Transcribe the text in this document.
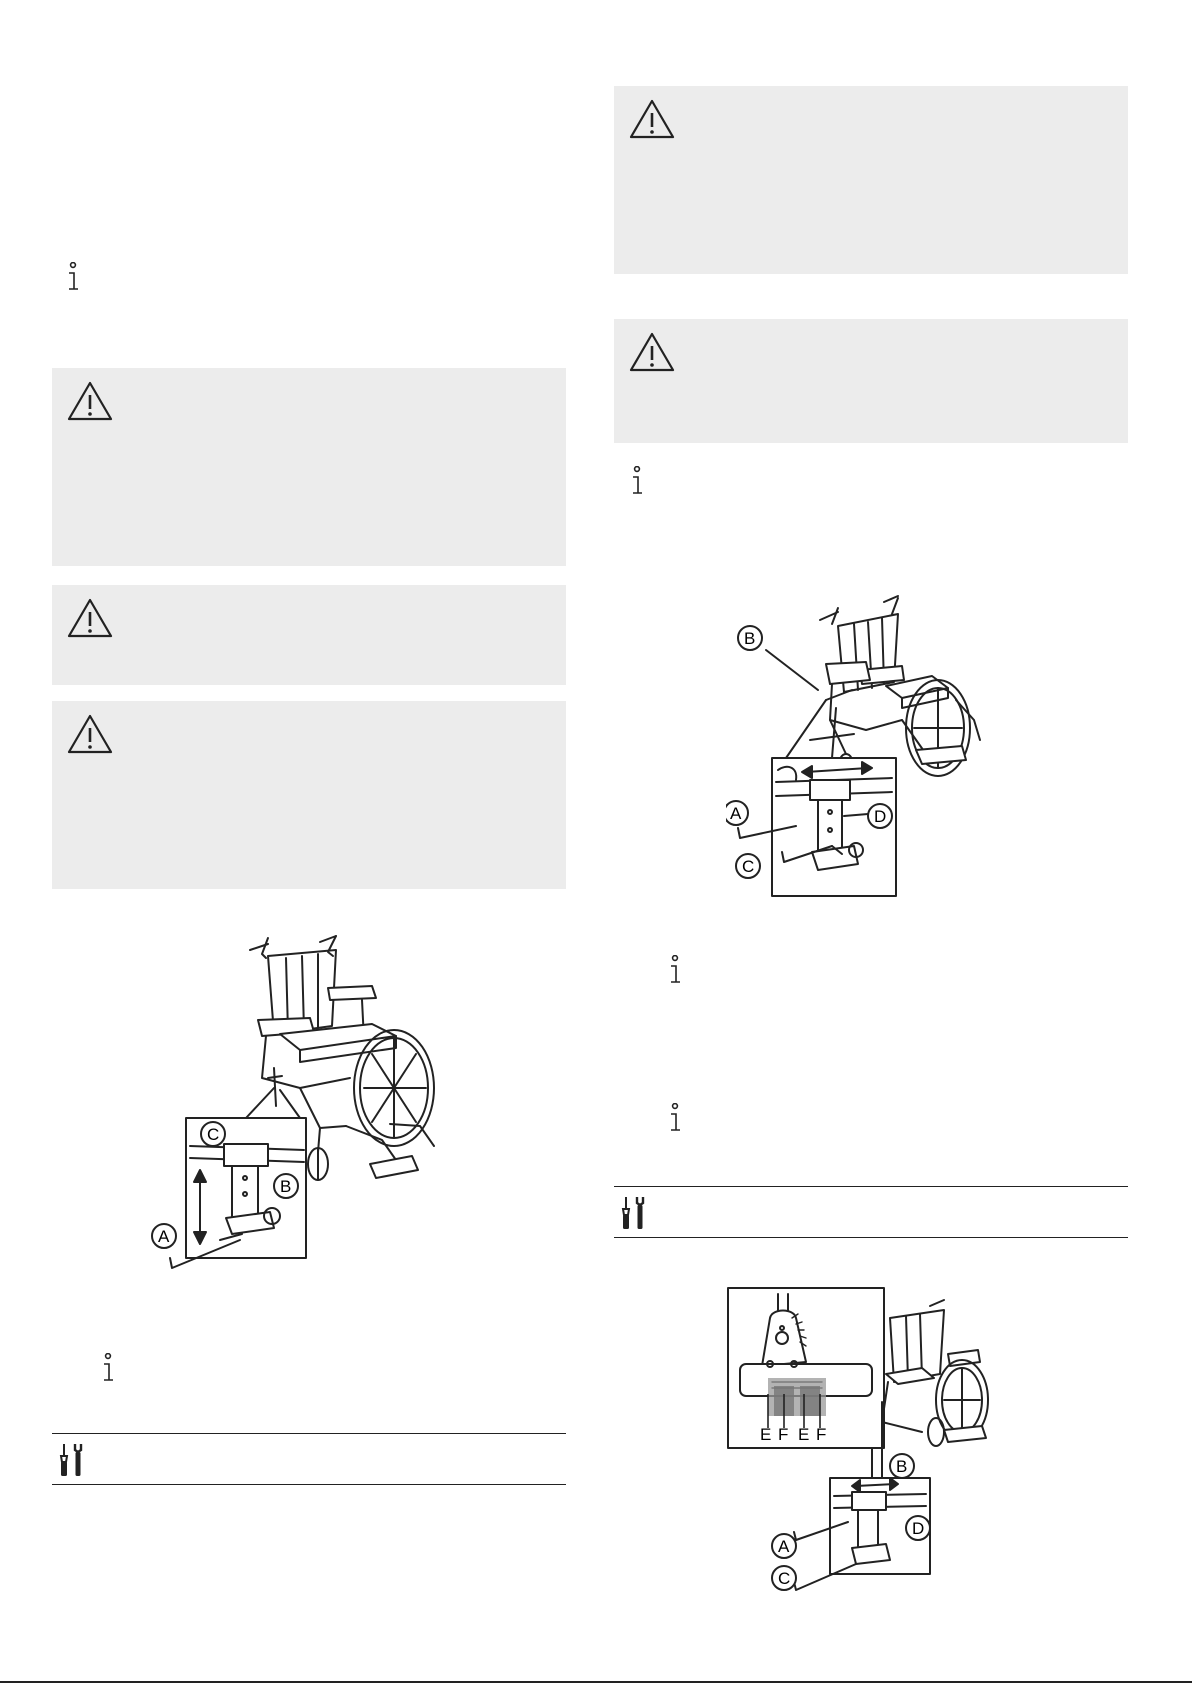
C
B
A
B
A	D
C
E F E F
B
D
A
C
